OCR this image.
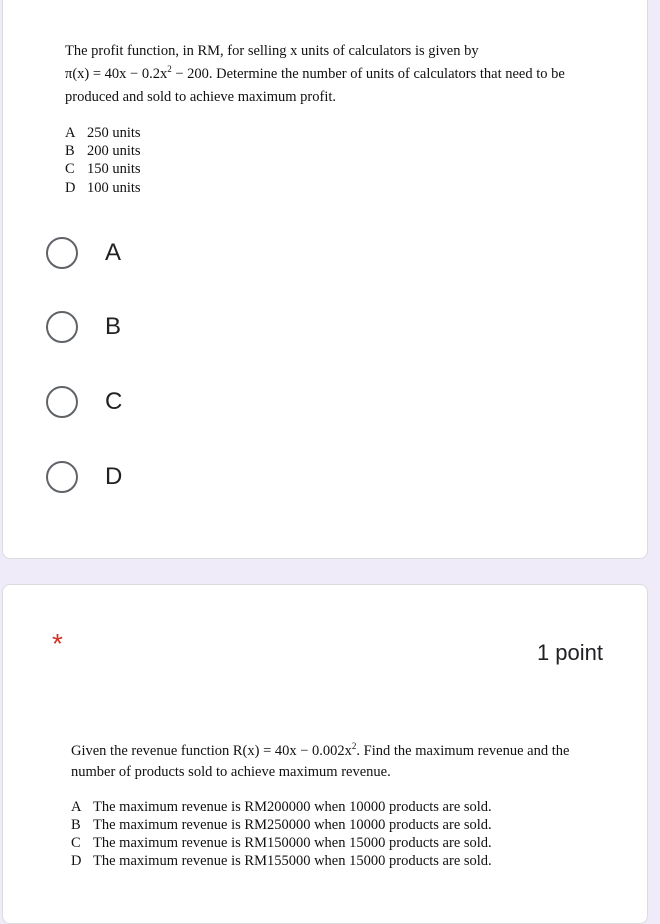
The profit function, in RM, for selling x units of calculators is given by
$\pi(x) = 40x - 0.2x^2 - 200$. Determine the number of units of calculators that need to be
produced and sold to achieve maximum profit.
A 250 units
B 200 units
C 150 units
D 100 units
A
B
C
D
*	1 point
Given the revenue function $R(x) = 40x - 0.002x^2$. Find the maximum revenue and the
number of products sold to achieve maximum revenue.
A The maximum revenue is RM200000 when 10000 products are sold.
B The maximum revenue is RM250000 when 10000 products are sold.
C The maximum revenue is RM150000 when 15000 products are sold.
D The maximum revenue is RM155000 when 15000 products are sold.
